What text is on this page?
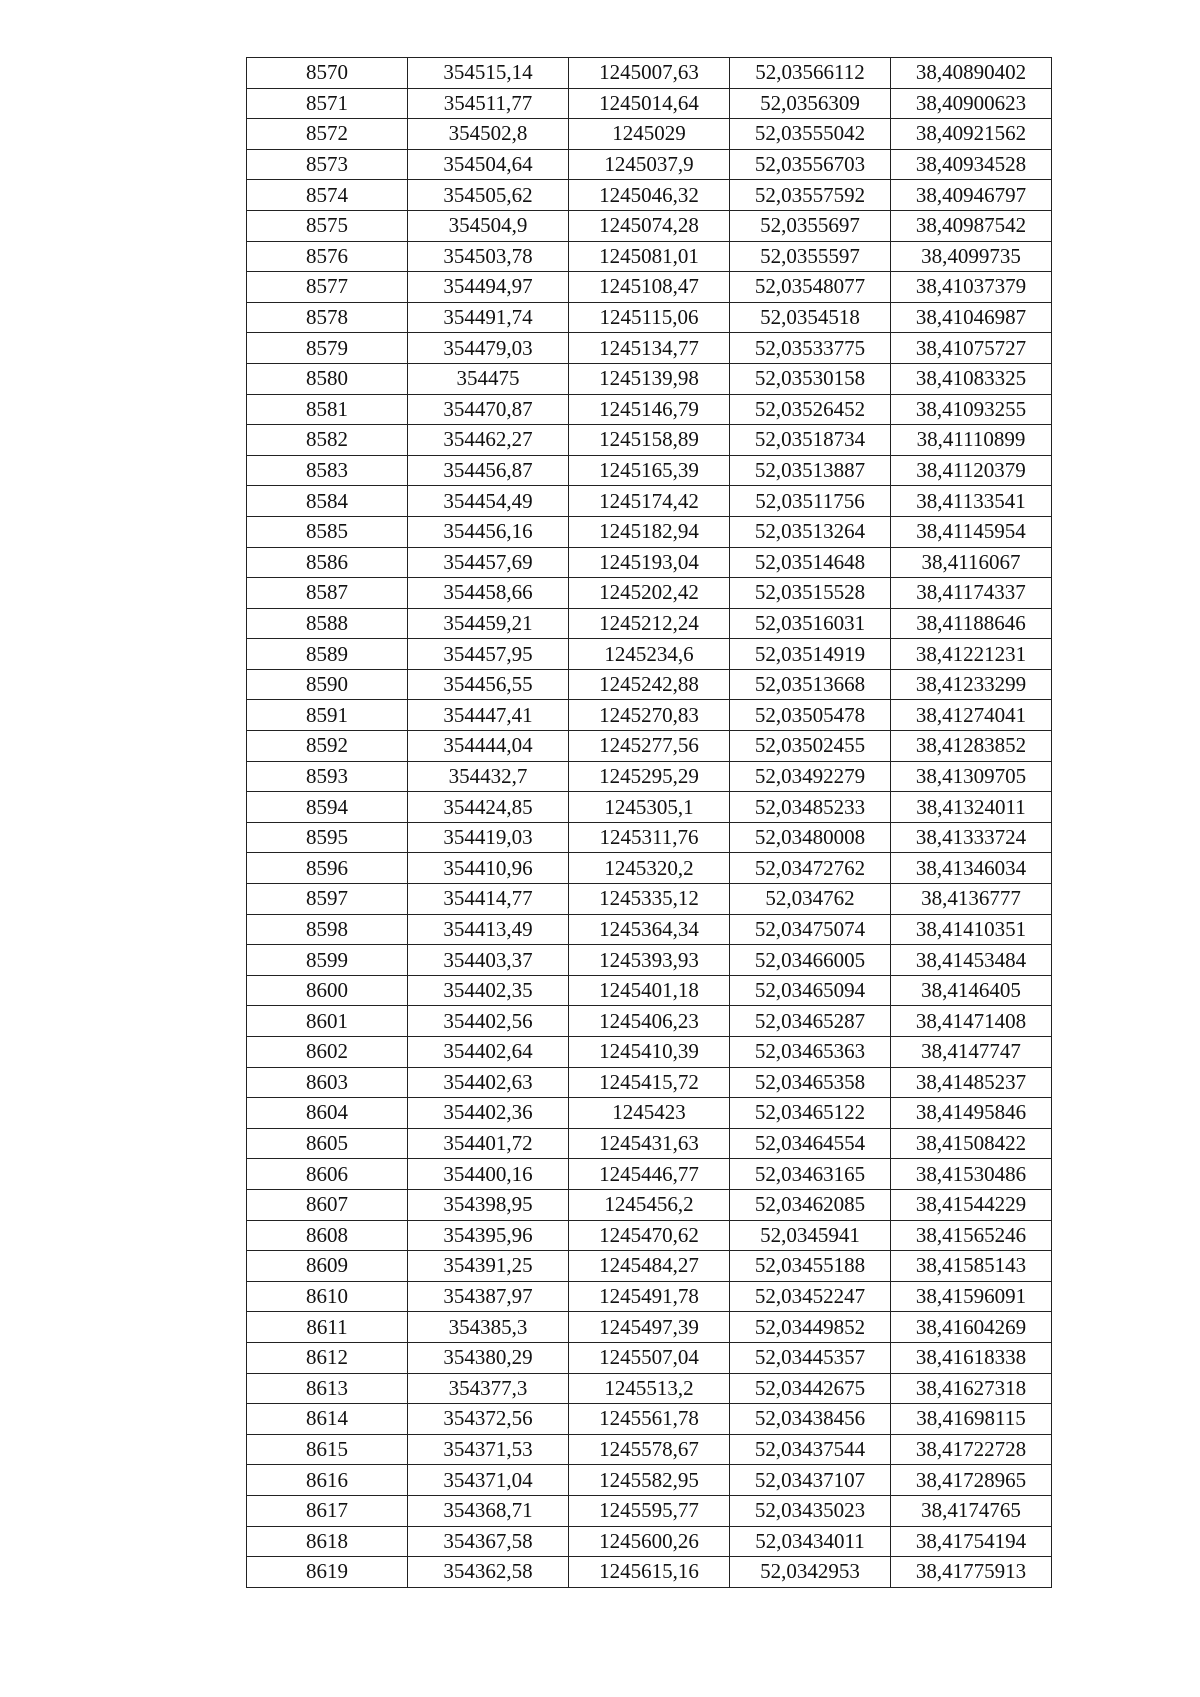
8570	354515,14	1245007,63	52,03566112	38,40890402
8571	354511,77	1245014,64	52,0356309	38,40900623
8572	354502,8	1245029	52,03555042	38,40921562
8573	354504,64	1245037,9	52,03556703	38,40934528
8574	354505,62	1245046,32	52,03557592	38,40946797
8575	354504,9	1245074,28	52,0355697	38,40987542
8576	354503,78	1245081,01	52,0355597	38,4099735
8577	354494,97	1245108,47	52,03548077	38,41037379
8578	354491,74	1245115,06	52,0354518	38,41046987
8579	354479,03	1245134,77	52,03533775	38,41075727
8580	354475	1245139,98	52,03530158	38,41083325
8581	354470,87	1245146,79	52,03526452	38,41093255
8582	354462,27	1245158,89	52,03518734	38,41110899
8583	354456,87	1245165,39	52,03513887	38,41120379
8584	354454,49	1245174,42	52,03511756	38,41133541
8585	354456,16	1245182,94	52,03513264	38,41145954
8586	354457,69	1245193,04	52,03514648	38,4116067
8587	354458,66	1245202,42	52,03515528	38,41174337
8588	354459,21	1245212,24	52,03516031	38,41188646
8589	354457,95	1245234,6	52,03514919	38,41221231
8590	354456,55	1245242,88	52,03513668	38,41233299
8591	354447,41	1245270,83	52,03505478	38,41274041
8592	354444,04	1245277,56	52,03502455	38,41283852
8593	354432,7	1245295,29	52,03492279	38,41309705
8594	354424,85	1245305,1	52,03485233	38,41324011
8595	354419,03	1245311,76	52,03480008	38,41333724
8596	354410,96	1245320,2	52,03472762	38,41346034
8597	354414,77	1245335,12	52,034762	38,4136777
8598	354413,49	1245364,34	52,03475074	38,41410351
8599	354403,37	1245393,93	52,03466005	38,41453484
8600	354402,35	1245401,18	52,03465094	38,4146405
8601	354402,56	1245406,23	52,03465287	38,41471408
8602	354402,64	1245410,39	52,03465363	38,4147747
8603	354402,63	1245415,72	52,03465358	38,41485237
8604	354402,36	1245423	52,03465122	38,41495846
8605	354401,72	1245431,63	52,03464554	38,41508422
8606	354400,16	1245446,77	52,03463165	38,41530486
8607	354398,95	1245456,2	52,03462085	38,41544229
8608	354395,96	1245470,62	52,0345941	38,41565246
8609	354391,25	1245484,27	52,03455188	38,41585143
8610	354387,97	1245491,78	52,03452247	38,41596091
8611	354385,3	1245497,39	52,03449852	38,41604269
8612	354380,29	1245507,04	52,03445357	38,41618338
8613	354377,3	1245513,2	52,03442675	38,41627318
8614	354372,56	1245561,78	52,03438456	38,41698115
8615	354371,53	1245578,67	52,03437544	38,41722728
8616	354371,04	1245582,95	52,03437107	38,41728965
8617	354368,71	1245595,77	52,03435023	38,4174765
8618	354367,58	1245600,26	52,03434011	38,41754194
8619	354362,58	1245615,16	52,0342953	38,41775913
